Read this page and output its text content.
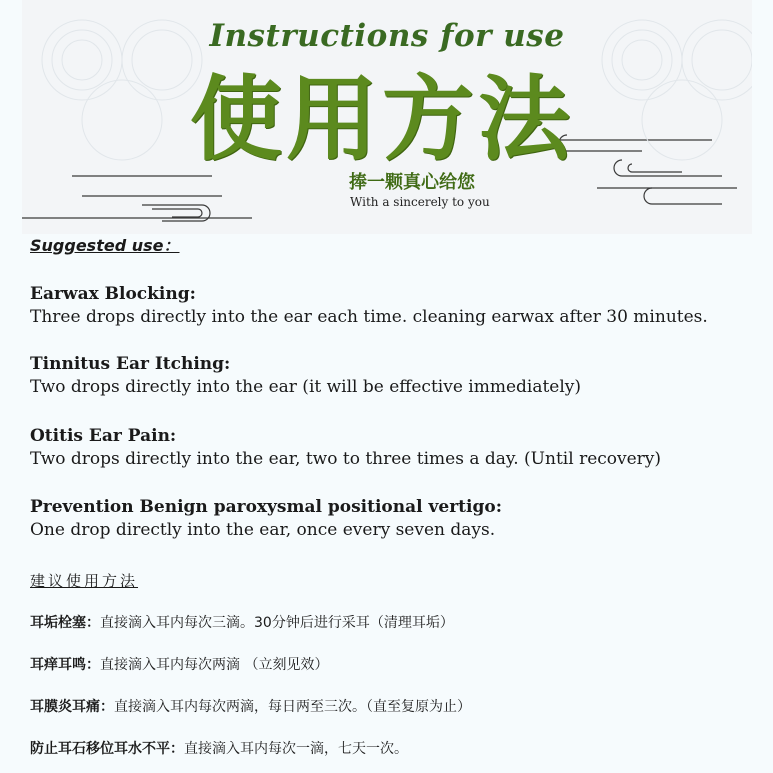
Instructions for use
使用方法
捧一颗真心给您
With a sincerely to you

Suggested use：

Earwax Blocking:
Three drops directly into the ear each time. cleaning earwax after 30 minutes.
Tinnitus Ear Itching:
Two drops directly into the ear (it will be effective immediately)
Otitis Ear Pain:
Two drops directly into the ear, two to three times a day. (Until recovery)
Prevention Benign paroxysmal positional vertigo:
One drop directly into the ear, once every seven days.
建议使用方法
耳垢栓塞：直接滴入耳内每次三滴。30分钟后进行采耳（清理耳垢）
耳痒耳鸣：直接滴入耳内每次两滴 （立刻见效）
耳膜炎耳痛：直接滴入耳内每次两滴，每日两至三次。（直至复原为止）
防止耳石移位耳水不平：直接滴入耳内每次一滴，七天一次。
